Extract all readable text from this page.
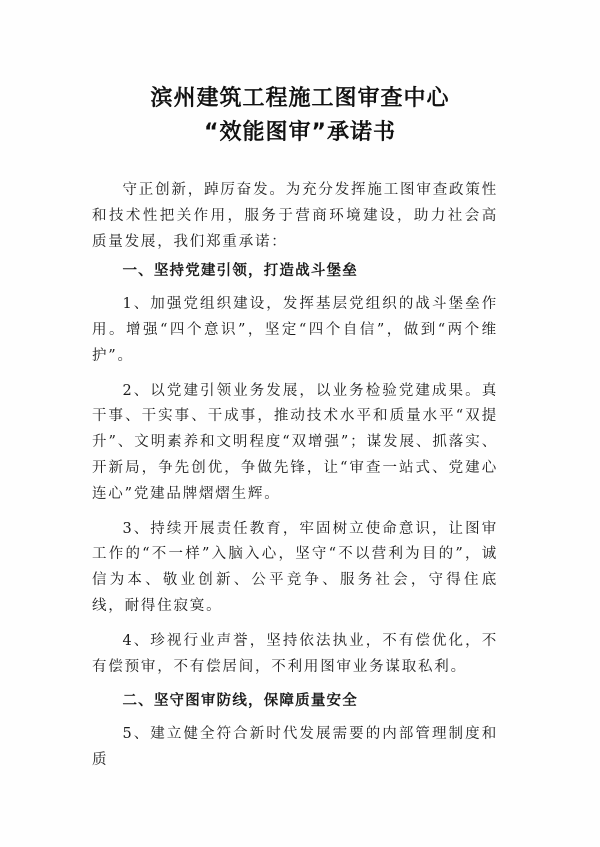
滨州建筑工程施工图审查中心
“效能图审”承诺书

守正创新，踔厉奋发。为充分发挥施工图审查政策性和技术性把关作用，服务于营商环境建设，助力社会高质量发展，我们郑重承诺：

一、坚持党建引领，打造战斗堡垒

1、加强党组织建设，发挥基层党组织的战斗堡垒作用。增强“四个意识”，坚定“四个自信”，做到“两个维护”。

2、以党建引领业务发展，以业务检验党建成果。真干事、干实事、干成事，推动技术水平和质量水平“双提升”、文明素养和文明程度“双增强”；谋发展、抓落实、开新局，争先创优，争做先锋，让“审查一站式、党建心连心”党建品牌熠熠生辉。

3、持续开展责任教育，牢固树立使命意识，让图审工作的“不一样”入脑入心，坚守“不以营利为目的”，诚信为本、敬业创新、公平竞争、服务社会，守得住底线，耐得住寂寞。

4、珍视行业声誉，坚持依法执业，不有偿优化，不有偿预审，不有偿居间，不利用图审业务谋取私利。

二、坚守图审防线，保障质量安全

5、建立健全符合新时代发展需要的内部管理制度和质
